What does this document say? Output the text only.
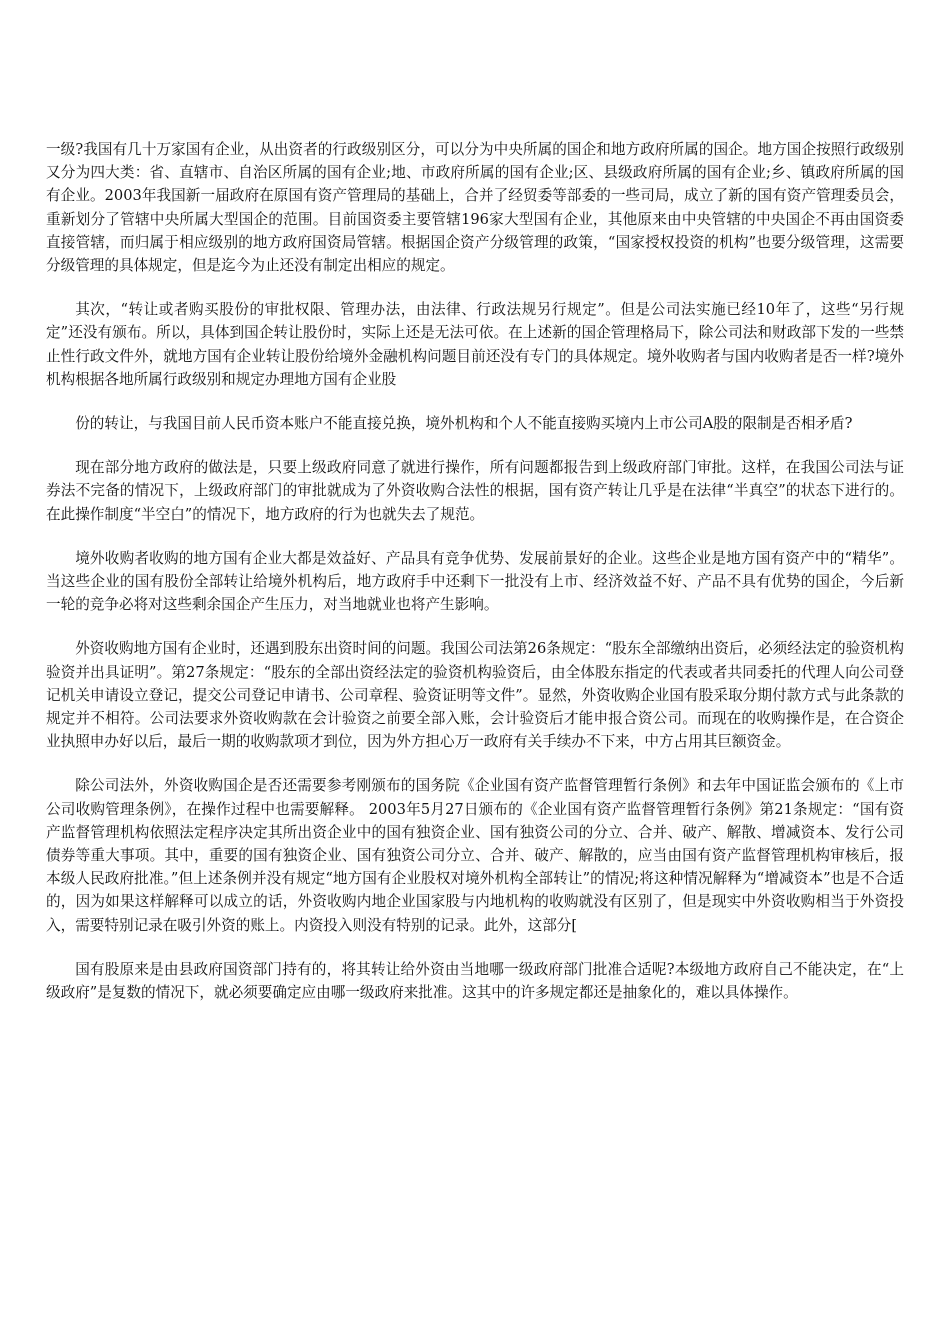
一级?我国有几十万家国有企业，从出资者的行政级别区分，可以分为中央所属的国企和地方政府所属的国企。地方国企按照行政级别又分为四大类：省、直辖市、自治区所属的国有企业;地、市政府所属的国有企业;区、县级政府所属的国有企业;乡、镇政府所属的国有企业。2003年我国新一届政府在原国有资产管理局的基础上，合并了经贸委等部委的一些司局，成立了新的国有资产管理委员会，重新划分了管辖中央所属大型国企的范围。目前国资委主要管辖196家大型国有企业，其他原来由中央管辖的中央国企不再由国资委直接管辖，而归属于相应级别的地方政府国资局管辖。根据国企资产分级管理的政策，“国家授权投资的机构”也要分级管理，这需要分级管理的具体规定，但是迄今为止还没有制定出相应的规定。

其次，“转让或者购买股份的审批权限、管理办法，由法律、行政法规另行规定”。但是公司法实施已经10年了，这些“另行规定”还没有颁布。所以，具体到国企转让股份时，实际上还是无法可依。在上述新的国企管理格局下，除公司法和财政部下发的一些禁止性行政文件外，就地方国有企业转让股份给境外金融机构问题目前还没有专门的具体规定。境外收购者与国内收购者是否一样?境外机构根据各地所属行政级别和规定办理地方国有企业股

份的转让，与我国目前人民币资本账户不能直接兑换，境外机构和个人不能直接购买境内上市公司A股的限制是否相矛盾?

现在部分地方政府的做法是，只要上级政府同意了就进行操作，所有问题都报告到上级政府部门审批。这样，在我国公司法与证券法不完备的情况下，上级政府部门的审批就成为了外资收购合法性的根据，国有资产转让几乎是在法律“半真空”的状态下进行的。在此操作制度“半空白”的情况下，地方政府的行为也就失去了规范。

境外收购者收购的地方国有企业大都是效益好、产品具有竞争优势、发展前景好的企业。这些企业是地方国有资产中的“精华”。当这些企业的国有股份全部转让给境外机构后，地方政府手中还剩下一批没有上市、经济效益不好、产品不具有优势的国企，今后新一轮的竞争必将对这些剩余国企产生压力，对当地就业也将产生影响。

外资收购地方国有企业时，还遇到股东出资时间的问题。我国公司法第26条规定：“股东全部缴纳出资后，必须经法定的验资机构验资并出具证明”。第27条规定：“股东的全部出资经法定的验资机构验资后，由全体股东指定的代表或者共同委托的代理人向公司登记机关申请设立登记，提交公司登记申请书、公司章程、验资证明等文件”。显然，外资收购企业国有股采取分期付款方式与此条款的规定并不相符。公司法要求外资收购款在会计验资之前要全部入账，会计验资后才能申报合资公司。而现在的收购操作是，在合资企业执照申办好以后，最后一期的收购款项才到位，因为外方担心万一政府有关手续办不下来，中方占用其巨额资金。

除公司法外，外资收购国企是否还需要参考刚颁布的国务院《企业国有资产监督管理暂行条例》和去年中国证监会颁布的《上市公司收购管理条例》，在操作过程中也需要解释。 2003年5月27日颁布的《企业国有资产监督管理暂行条例》第21条规定：“国有资产监督管理机构依照法定程序决定其所出资企业中的国有独资企业、国有独资公司的分立、合并、破产、解散、增减资本、发行公司债券等重大事项。其中，重要的国有独资企业、国有独资公司分立、合并、破产、解散的，应当由国有资产监督管理机构审核后，报本级人民政府批准。”但上述条例并没有规定“地方国有企业股权对境外机构全部转让”的情况;将这种情况解释为“增减资本”也是不合适的，因为如果这样解释可以成立的话，外资收购内地企业国家股与内地机构的收购就没有区别了，但是现实中外资收购相当于外资投入，需要特别记录在吸引外资的账上。内资投入则没有特别的记录。此外，这部分[

国有股原来是由县政府国资部门持有的，将其转让给外资由当地哪一级政府部门批准合适呢?本级地方政府自己不能决定，在“上级政府”是复数的情况下，就必须要确定应由哪一级政府来批准。这其中的许多规定都还是抽象化的，难以具体操作。
